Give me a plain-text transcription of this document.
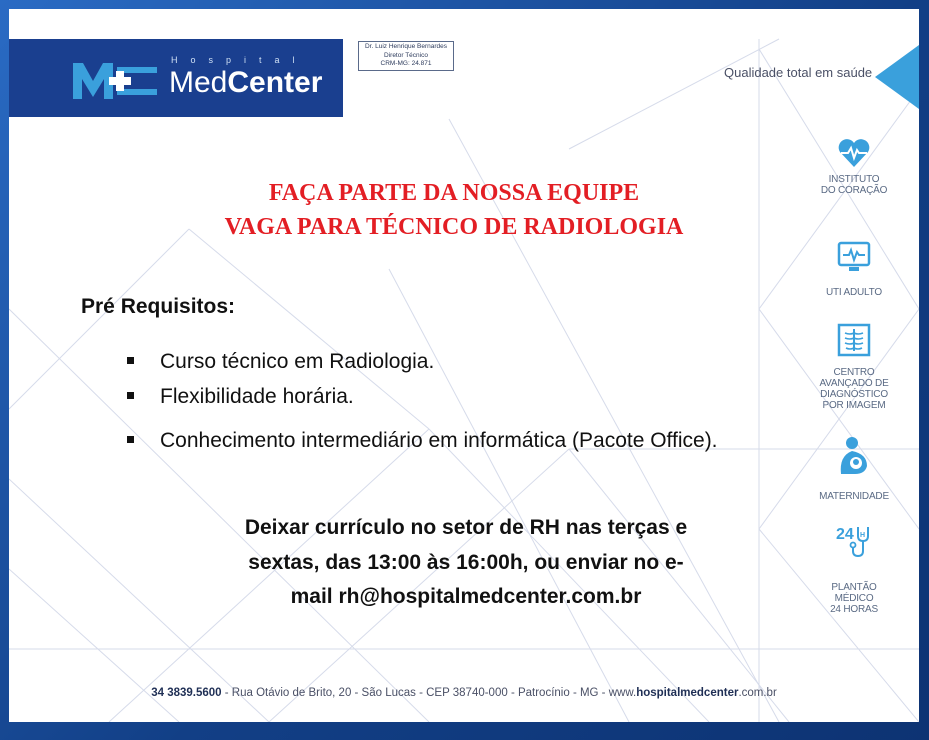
Hospital
MedCenter
Dr. Luiz Henrique Bernardes
Diretor Técnico
CRM-MG: 24.871
Qualidade total em saúde
FAÇA PARTE DA NOSSA EQUIPE
VAGA PARA TÉCNICO DE RADIOLOGIA
Pré Requisitos:
Curso técnico em Radiologia.
Flexibilidade horária.
Conhecimento intermediário em informática (Pacote Office).
Deixar currículo no setor de RH nas terças e
sextas, das 13:00 às 16:00h, ou enviar no e-
mail rh@hospitalmedcenter.com.br
INSTITUTO
DO CORAÇÃO
UTI ADULTO
CENTRO
AVANÇADO DE
DIAGNÓSTICO
POR IMAGEM
MATERNIDADE
24 H
PLANTÃO
MÉDICO
24 HORAS
34 3839.5600 - Rua Otávio de Brito, 20 - São Lucas - CEP 38740-000 - Patrocínio - MG - www.hospitalmedcenter.com.br
